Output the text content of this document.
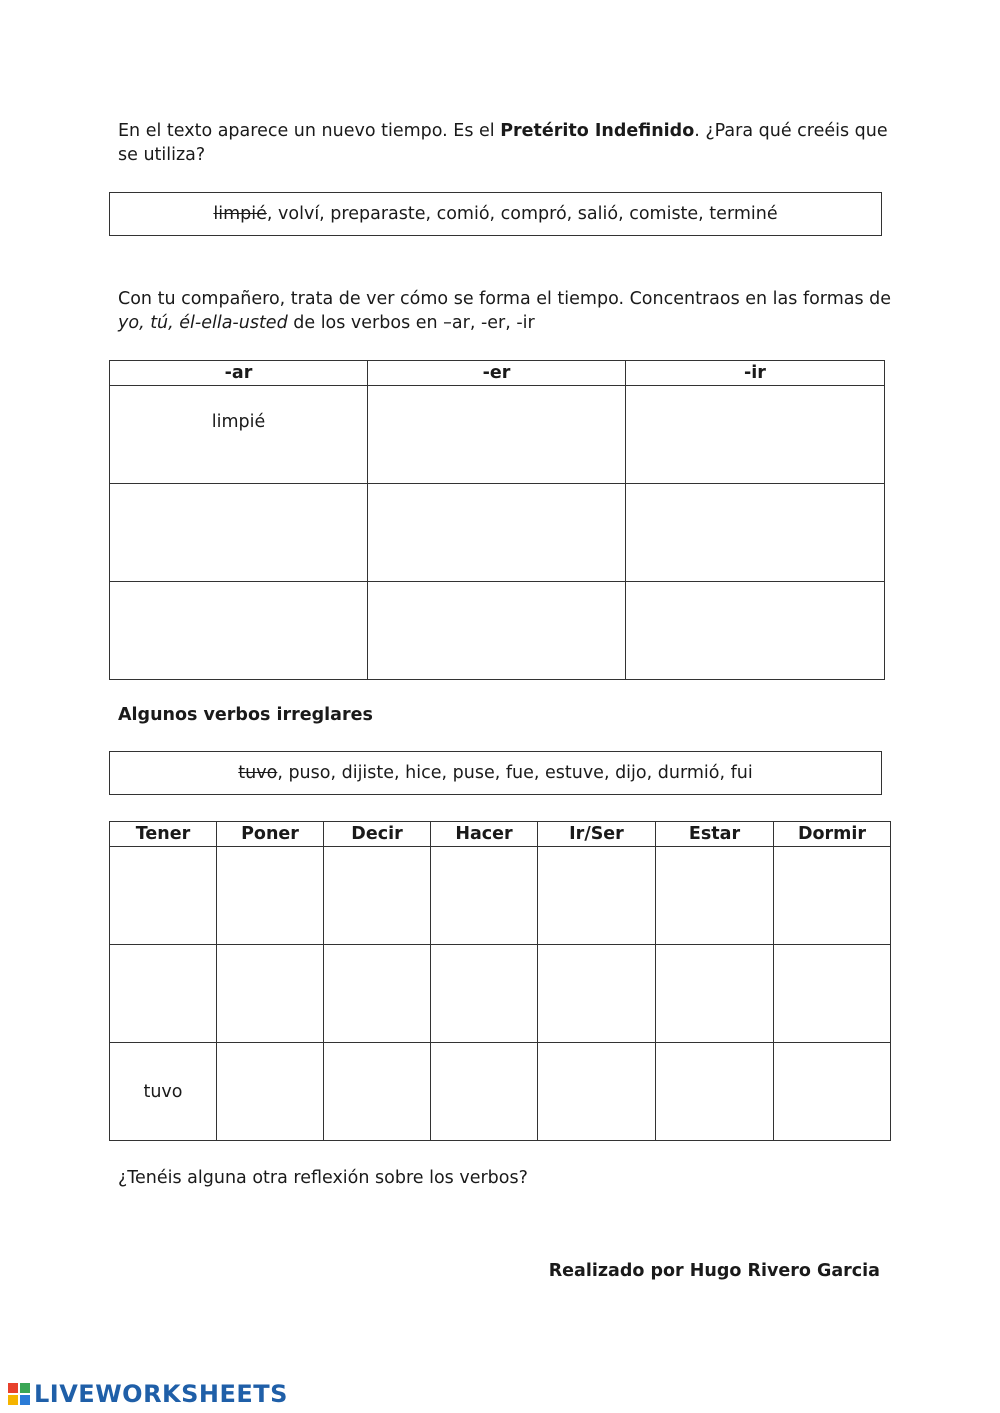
En el texto aparece un nuevo tiempo. Es el Pretérito Indefinido. ¿Para qué creéis que se utiliza?
limpié, volví, preparaste, comió, compró, salió, comiste, terminé
Con tu compañero, trata de ver cómo se forma el tiempo. Concentraos en las formas de yo, tú, él-ella-usted de los verbos en –ar, -er, -ir
-ar	-er	-ir

limpié		

Algunos verbos irreglares
tuvo, puso, dijiste, hice, puse, fue, estuve, dijo, durmió, fui
Tener	Poner	Decir	Hacer	Ir/Ser	Estar	Dormir

tuvo						
¿Tenéis alguna otra reflexión sobre los verbos?
Realizado por Hugo Rivero Garcia
LIVEWORKSHEETS
